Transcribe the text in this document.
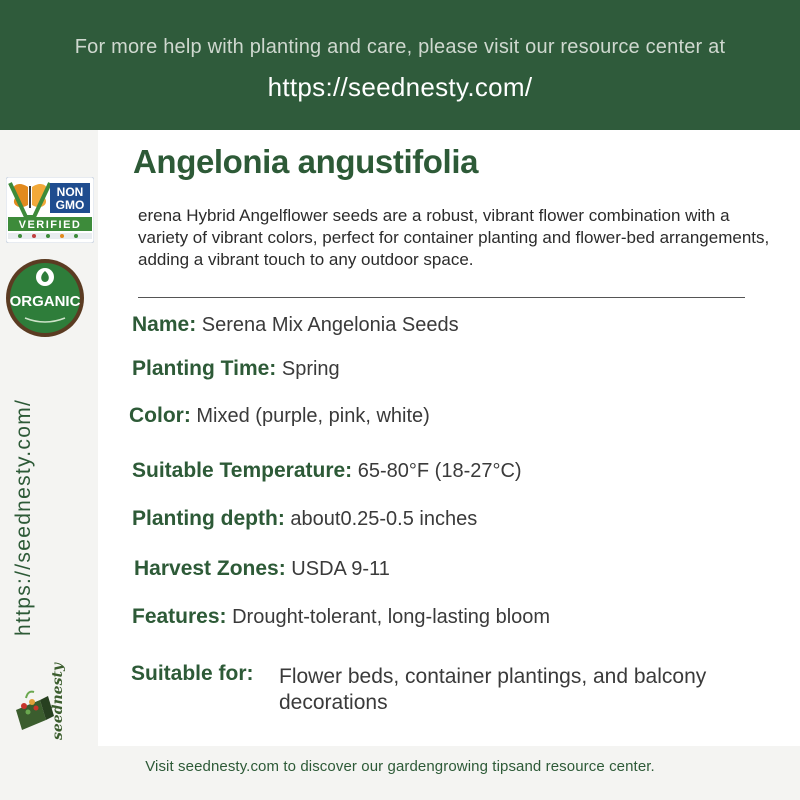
For more help with planting and care, please visit our resource center at
https://seednesty.com/
NON
GMO
VERIFIED
ORGANIC
https://seednesty.com/
seednesty
Angelonia angustifolia
erena Hybrid Angelflower seeds are a robust, vibrant flower combination with a variety of vibrant colors, perfect for container planting and flower-bed arrangements, adding a vibrant touch to any outdoor space.
Name: Serena Mix Angelonia Seeds
Planting Time: Spring
Color: Mixed (purple, pink, white)
Suitable Temperature: 65-80°F (18-27°C)
Planting depth: about0.25-0.5 inches
Harvest Zones: USDA 9-11
Features: Drought-tolerant, long-lasting bloom
Suitable for: Flower beds, container plantings, and balcony decorations
Visit seednesty.com to discover our gardengrowing tipsand resource center.
